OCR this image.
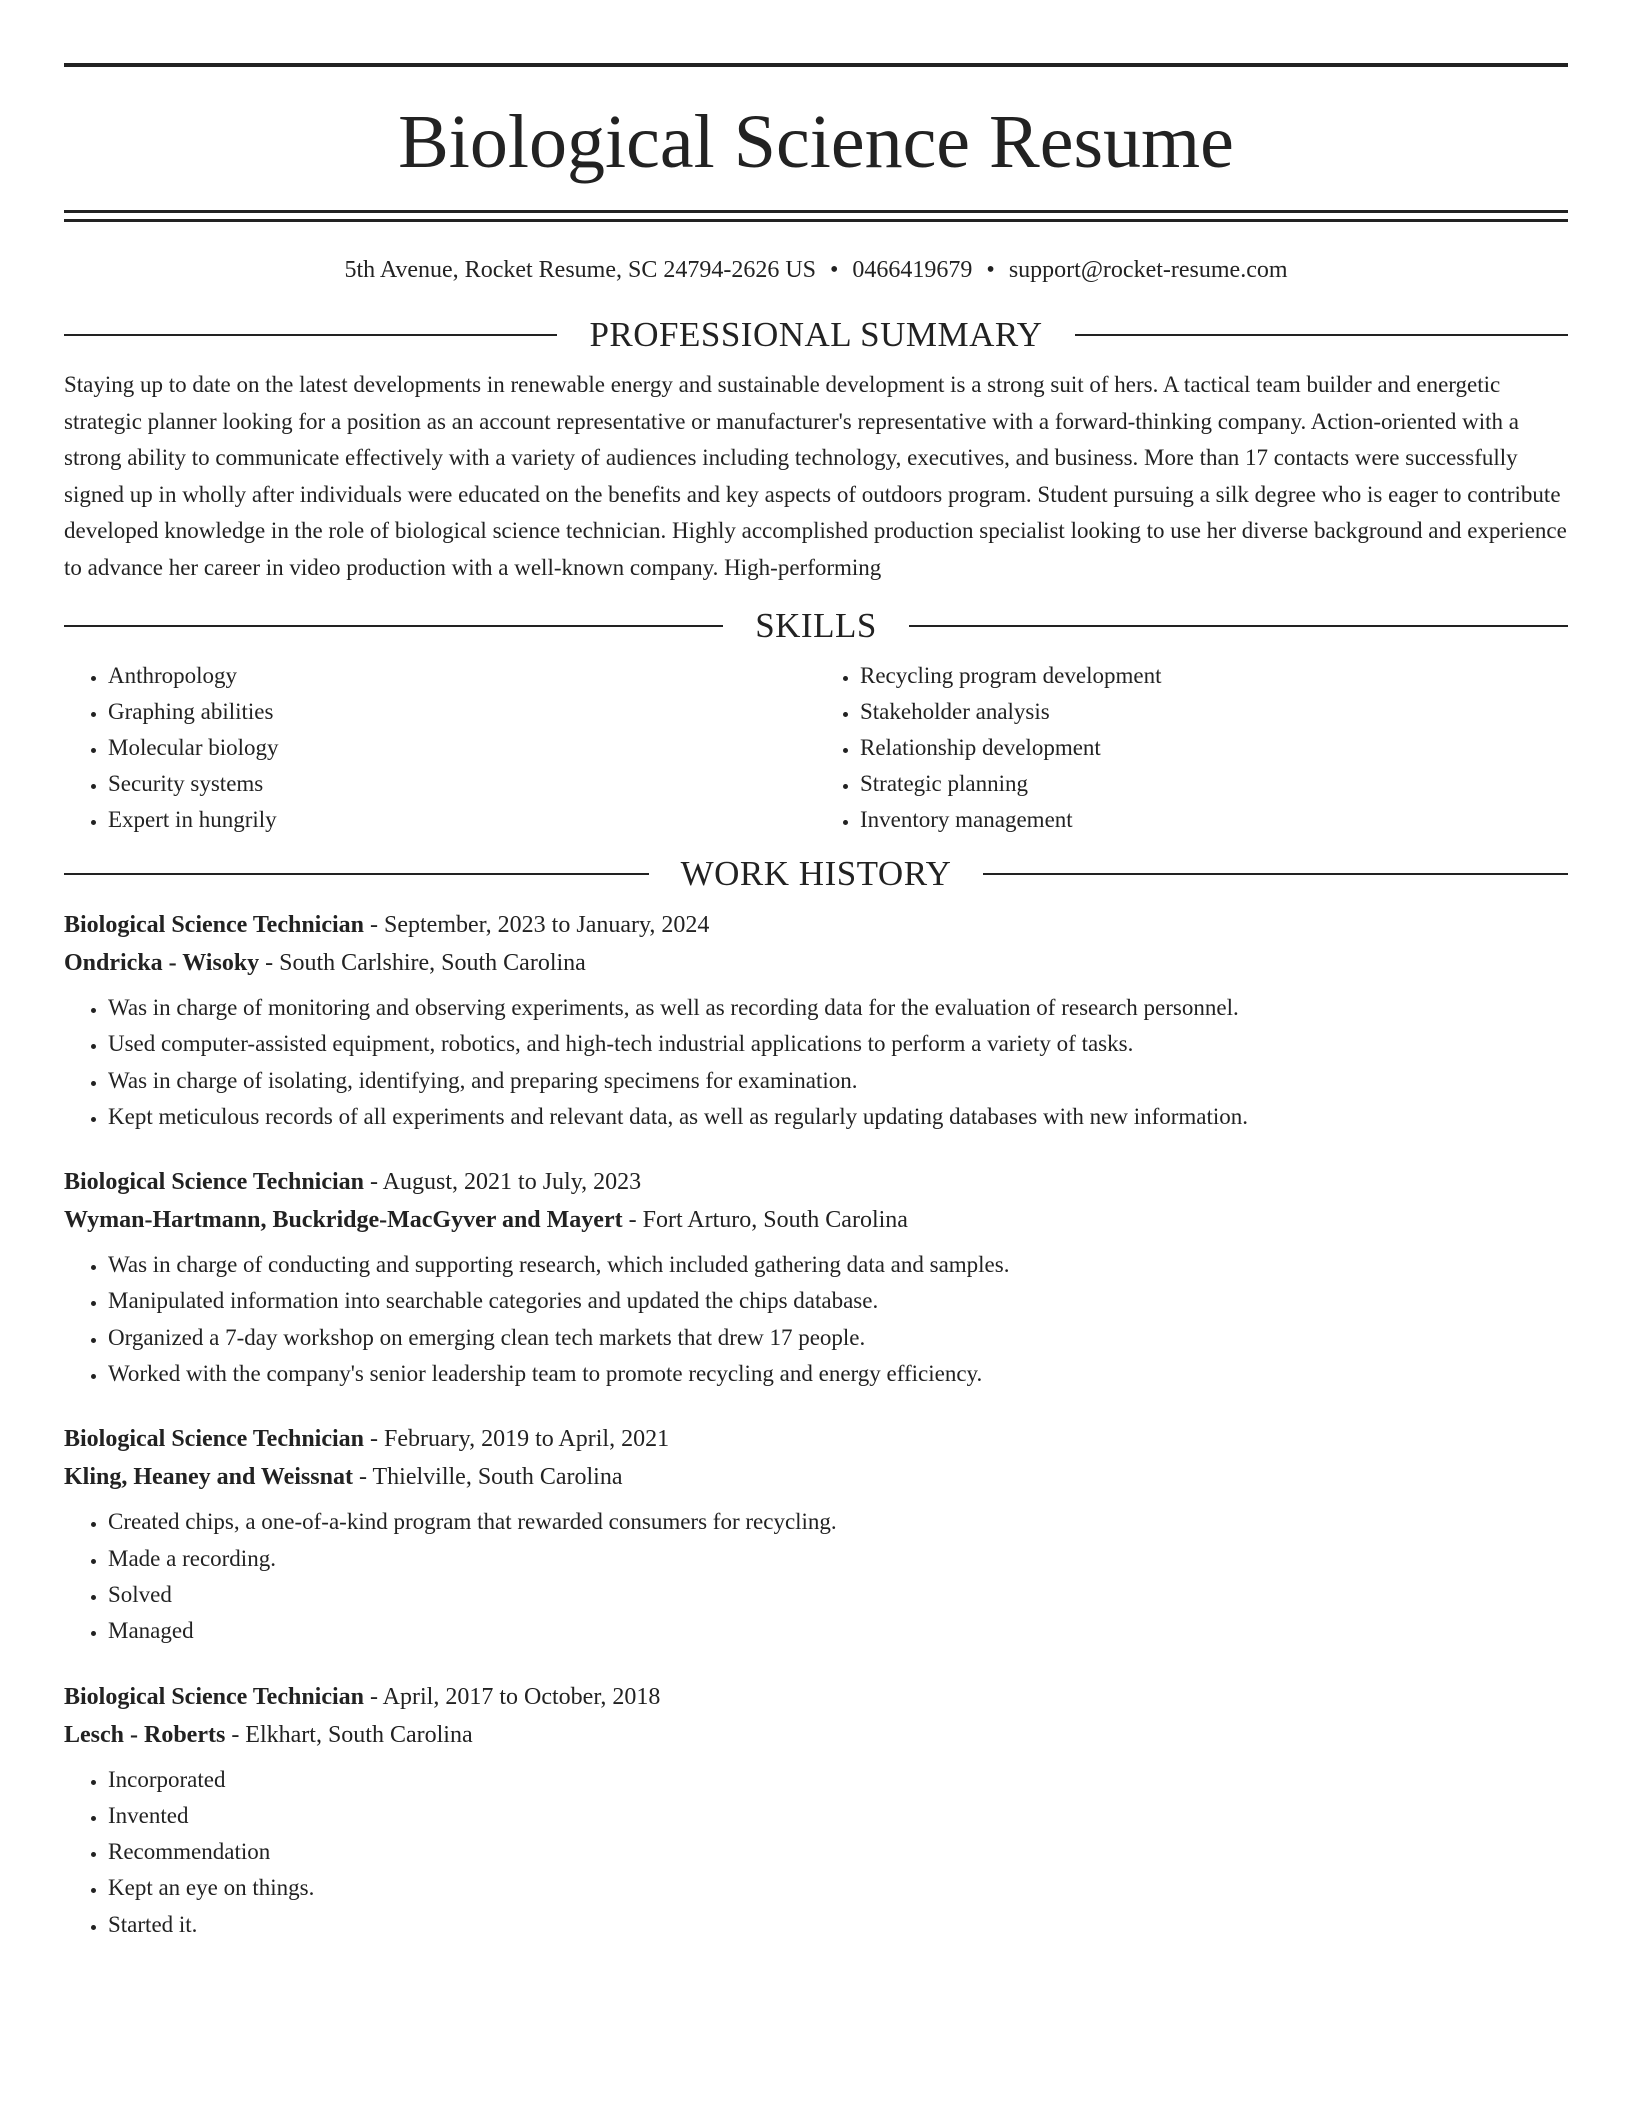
Biological Science Resume
5th Avenue, Rocket Resume, SC 24794-2626 US • 0466419679 • support@rocket-resume.com
PROFESSIONAL SUMMARY

Staying up to date on the latest developments in renewable energy and sustainable development is a strong suit of hers. A tactical team builder and energetic strategic planner looking for a position as an account representative or manufacturer's representative with a forward-thinking company. Action-oriented with a strong ability to communicate effectively with a variety of audiences including technology, executives, and business. More than 17 contacts were successfully signed up in wholly after individuals were educated on the benefits and key aspects of outdoors program. Student pursuing a silk degree who is eager to contribute developed knowledge in the role of biological science technician. Highly accomplished production specialist looking to use her diverse background and experience to advance her career in video production with a well-known company. High-performing

SKILLS
• Anthropology
• Graphing abilities
• Molecular biology
• Security systems
• Expert in hungrily
• Recycling program development
• Stakeholder analysis
• Relationship development
• Strategic planning
• Inventory management
WORK HISTORY
Biological Science Technician - September, 2023 to January, 2024
Ondricka - Wisoky - South Carlshire, South Carolina
• Was in charge of monitoring and observing experiments, as well as recording data for the evaluation of research personnel.
• Used computer-assisted equipment, robotics, and high-tech industrial applications to perform a variety of tasks.
• Was in charge of isolating, identifying, and preparing specimens for examination.
• Kept meticulous records of all experiments and relevant data, as well as regularly updating databases with new information.
Biological Science Technician - August, 2021 to July, 2023
Wyman-Hartmann, Buckridge-MacGyver and Mayert - Fort Arturo, South Carolina
• Was in charge of conducting and supporting research, which included gathering data and samples.
• Manipulated information into searchable categories and updated the chips database.
• Organized a 7-day workshop on emerging clean tech markets that drew 17 people.
• Worked with the company's senior leadership team to promote recycling and energy efficiency.
Biological Science Technician - February, 2019 to April, 2021
Kling, Heaney and Weissnat - Thielville, South Carolina
• Created chips, a one-of-a-kind program that rewarded consumers for recycling.
• Made a recording.
• Solved
• Managed
Biological Science Technician - April, 2017 to October, 2018
Lesch - Roberts - Elkhart, South Carolina
• Incorporated
• Invented
• Recommendation
• Kept an eye on things.
• Started it.
